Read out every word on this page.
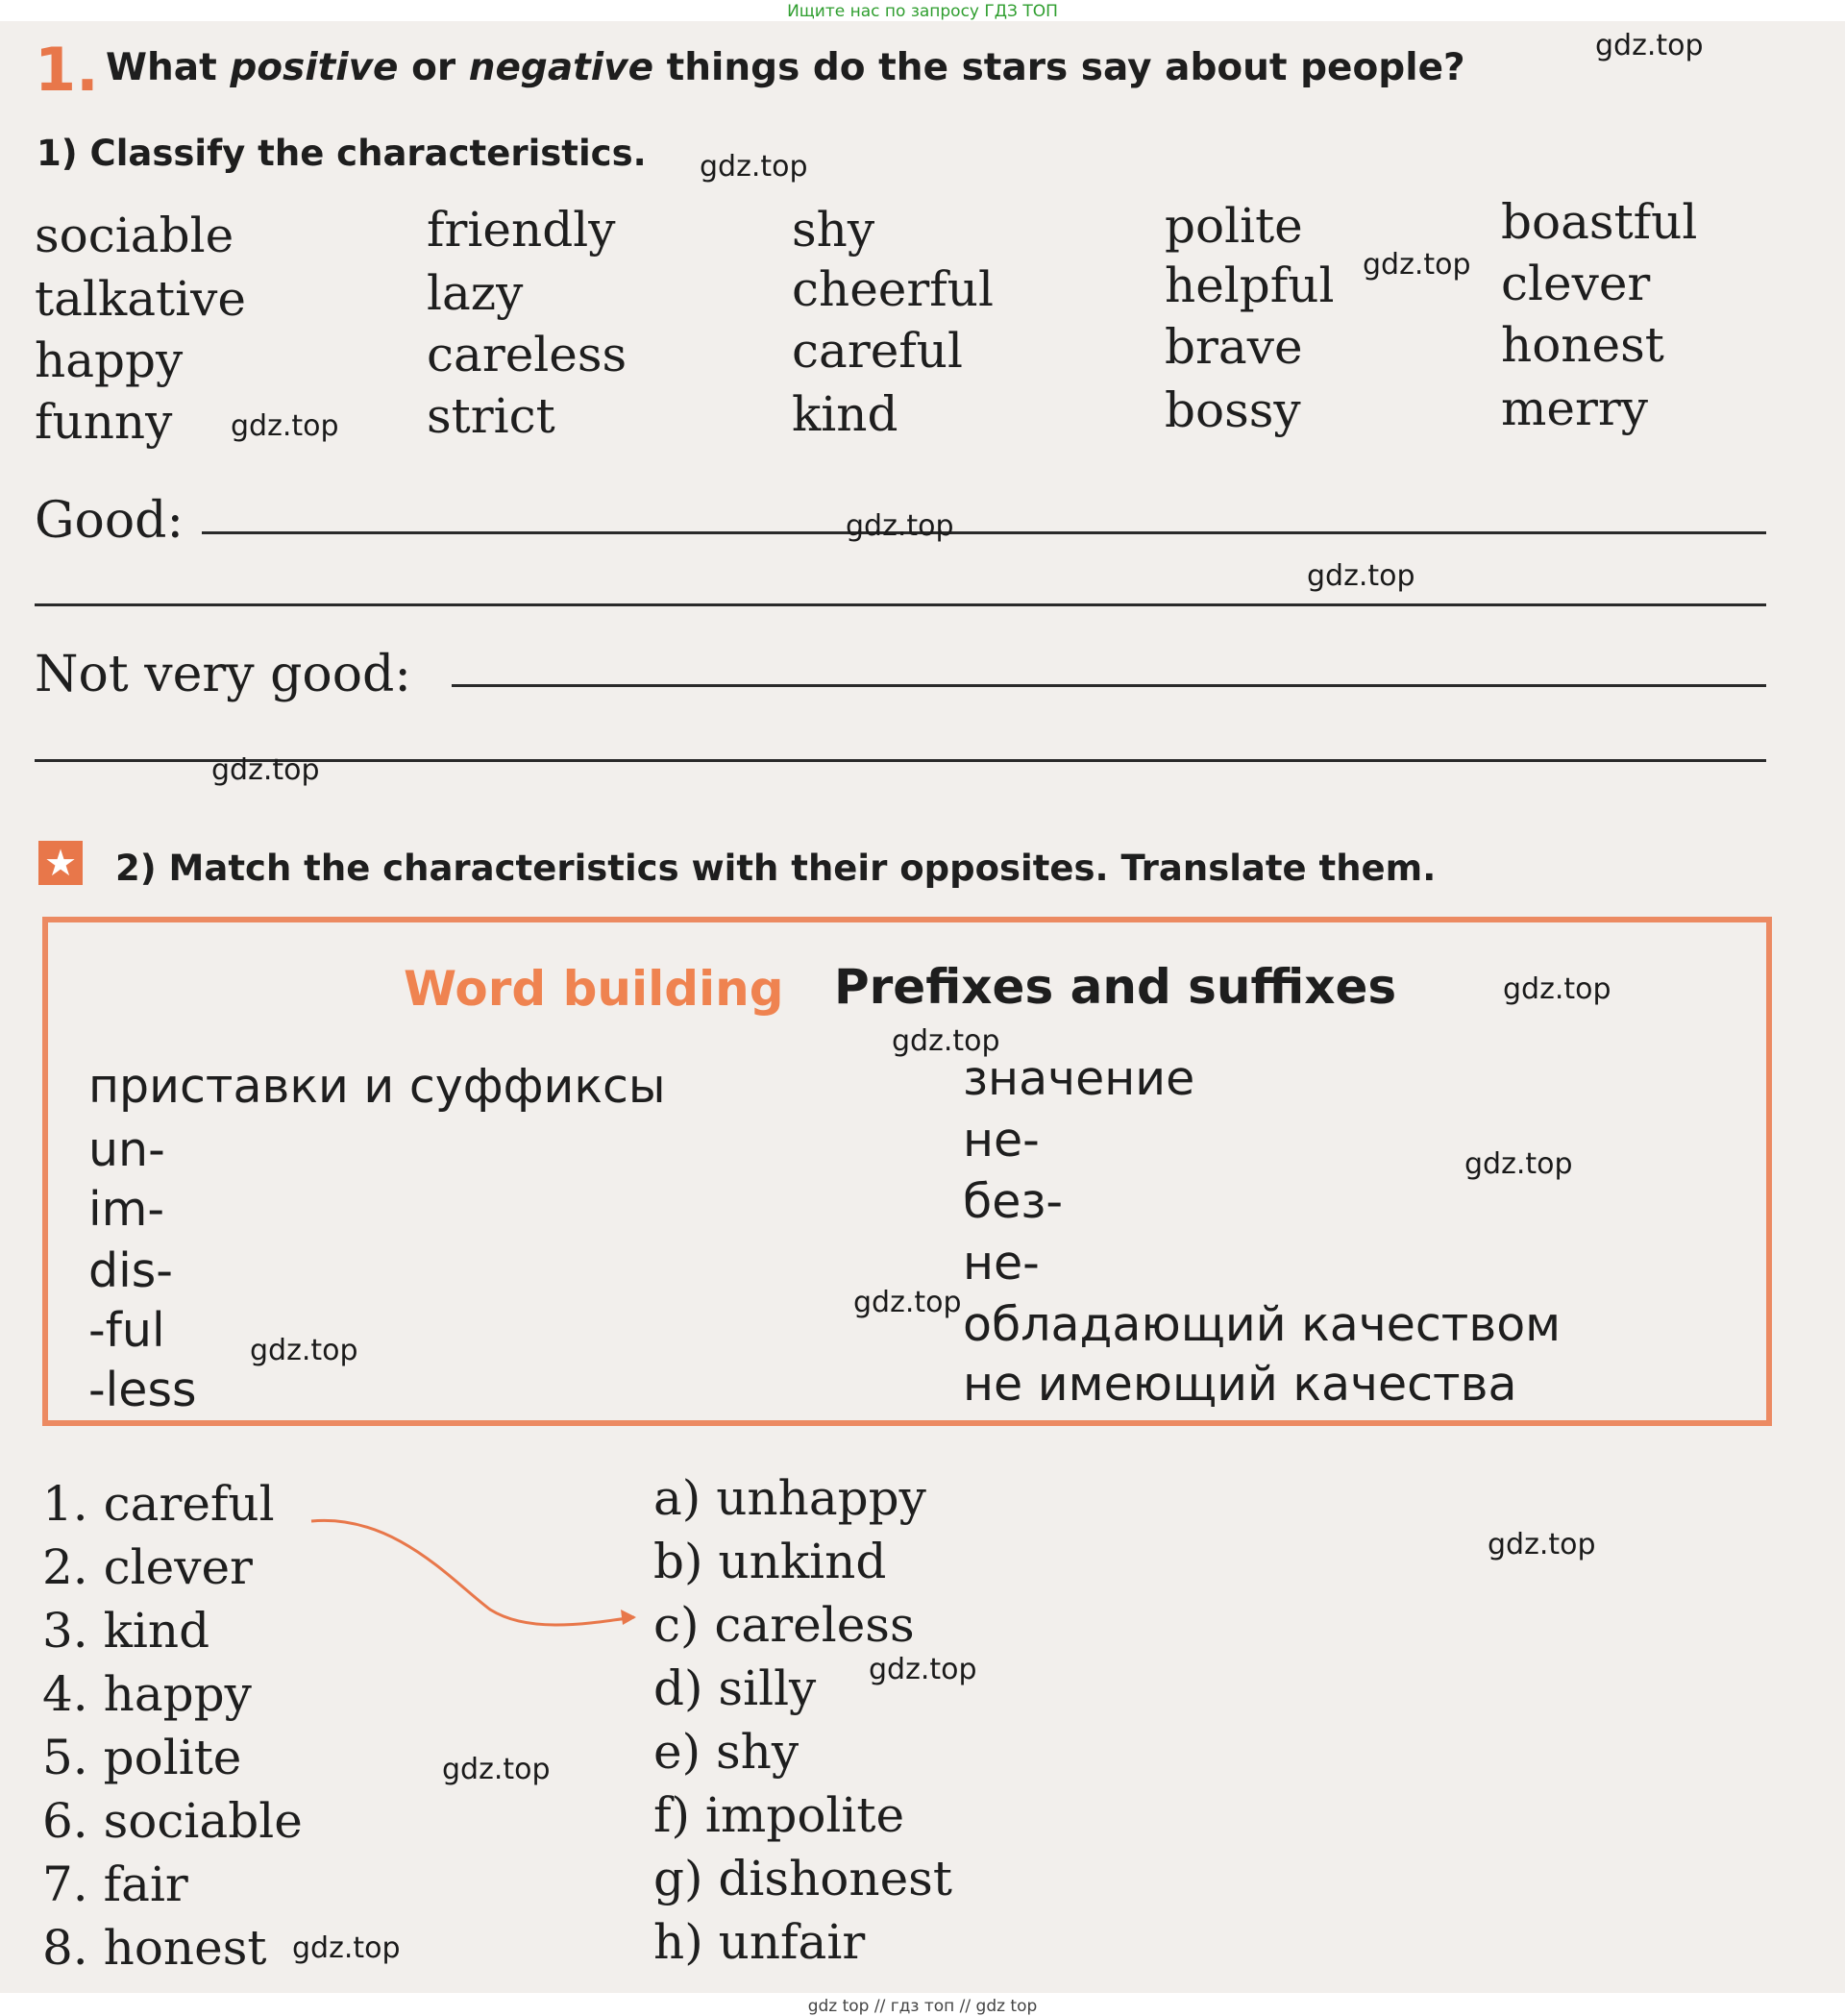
Ищите нас по запросу ГДЗ ТОП
gdz top // гдз топ // gdz top
1. What positive or negative things do the stars say about people?
1) Classify the characteristics.
sociable
talkative
happy
funny
friendly
lazy
careless
strict
shy
cheerful
careful
kind
polite
helpful
brave
bossy
boastful
clever
honest
merry
Good:
Not very good:
★ 2) Match the characteristics with their opposites. Translate them.
Word building Prefixes and suffixes
приставки и суффиксы	значение
un-
im-
dis-
-ful
-less
не-
без-
не-
обладающий качеством
не имеющий качества
1. careful
2. clever
3. kind
4. happy
5. polite
6. sociable
7. fair
8. honest
a) unhappy
b) unkind
c) careless
d) silly
e) shy
f) impolite
g) dishonest
h) unfair
gdz.top
gdz.top
gdz.top
gdz.top
gdz.top
gdz.top
gdz.top
gdz.top
gdz.top
gdz.top
gdz.top
gdz.top
gdz.top
gdz.top
gdz.top
gdz.top
